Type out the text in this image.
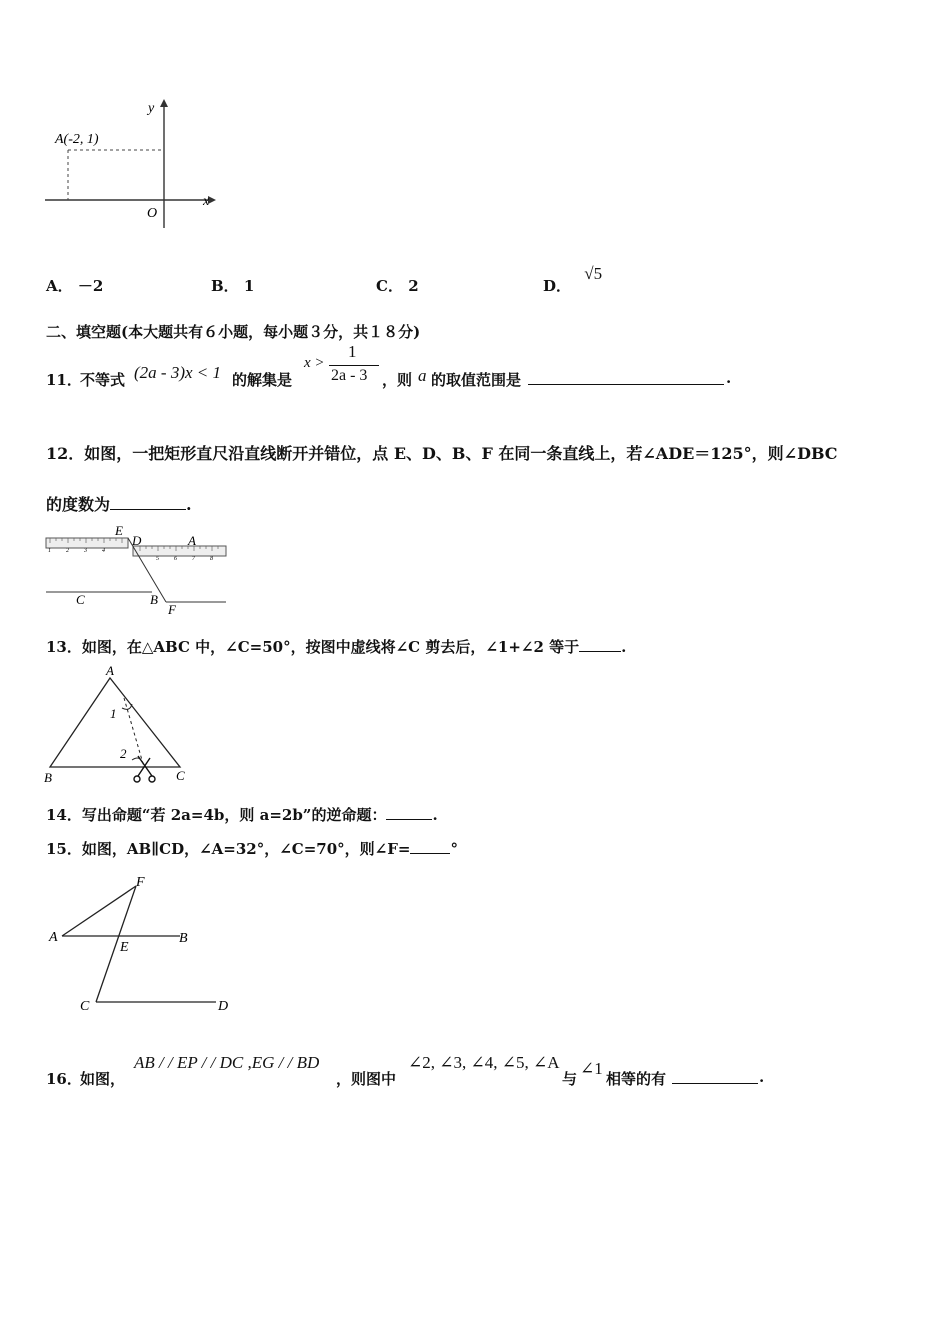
A(-2, 1)
y
x
O
A． －2	B． 1	C． 2	D． √5
二、填空题(本大题共有６小题，每小题３分，共１８分)
11．
不等式 (2a - 3)x < 1 的解集是
x >
1
2a - 3 ，则 a 的取值范围是	.
12．如图，一把矩形直尺沿直线断开并错位，点 E、D、B、F 在同一条直线上，若∠ADE＝125°，则∠DBC
的度数为	.
1	2	3	4
5	6	7	8
E
D	A
C	B
F
13．如图，在△ABC 中，∠C=50°，按图中虚线将∠C 剪去后，∠1+∠2 等于	.
A
B	C
1
2
14．写出命题“若 2a=4b，则 a=2b”的逆命题：	.
15．如图，AB∥CD，∠A=32°，∠C=70°，则∠F=	°
F
A
E
B
C	D
16．
如图，
AB / / EP / / DC ,EG / / BD
，则图中
∠2, ∠3, ∠4, ∠5, ∠A
与
∠1
相等的有	.
